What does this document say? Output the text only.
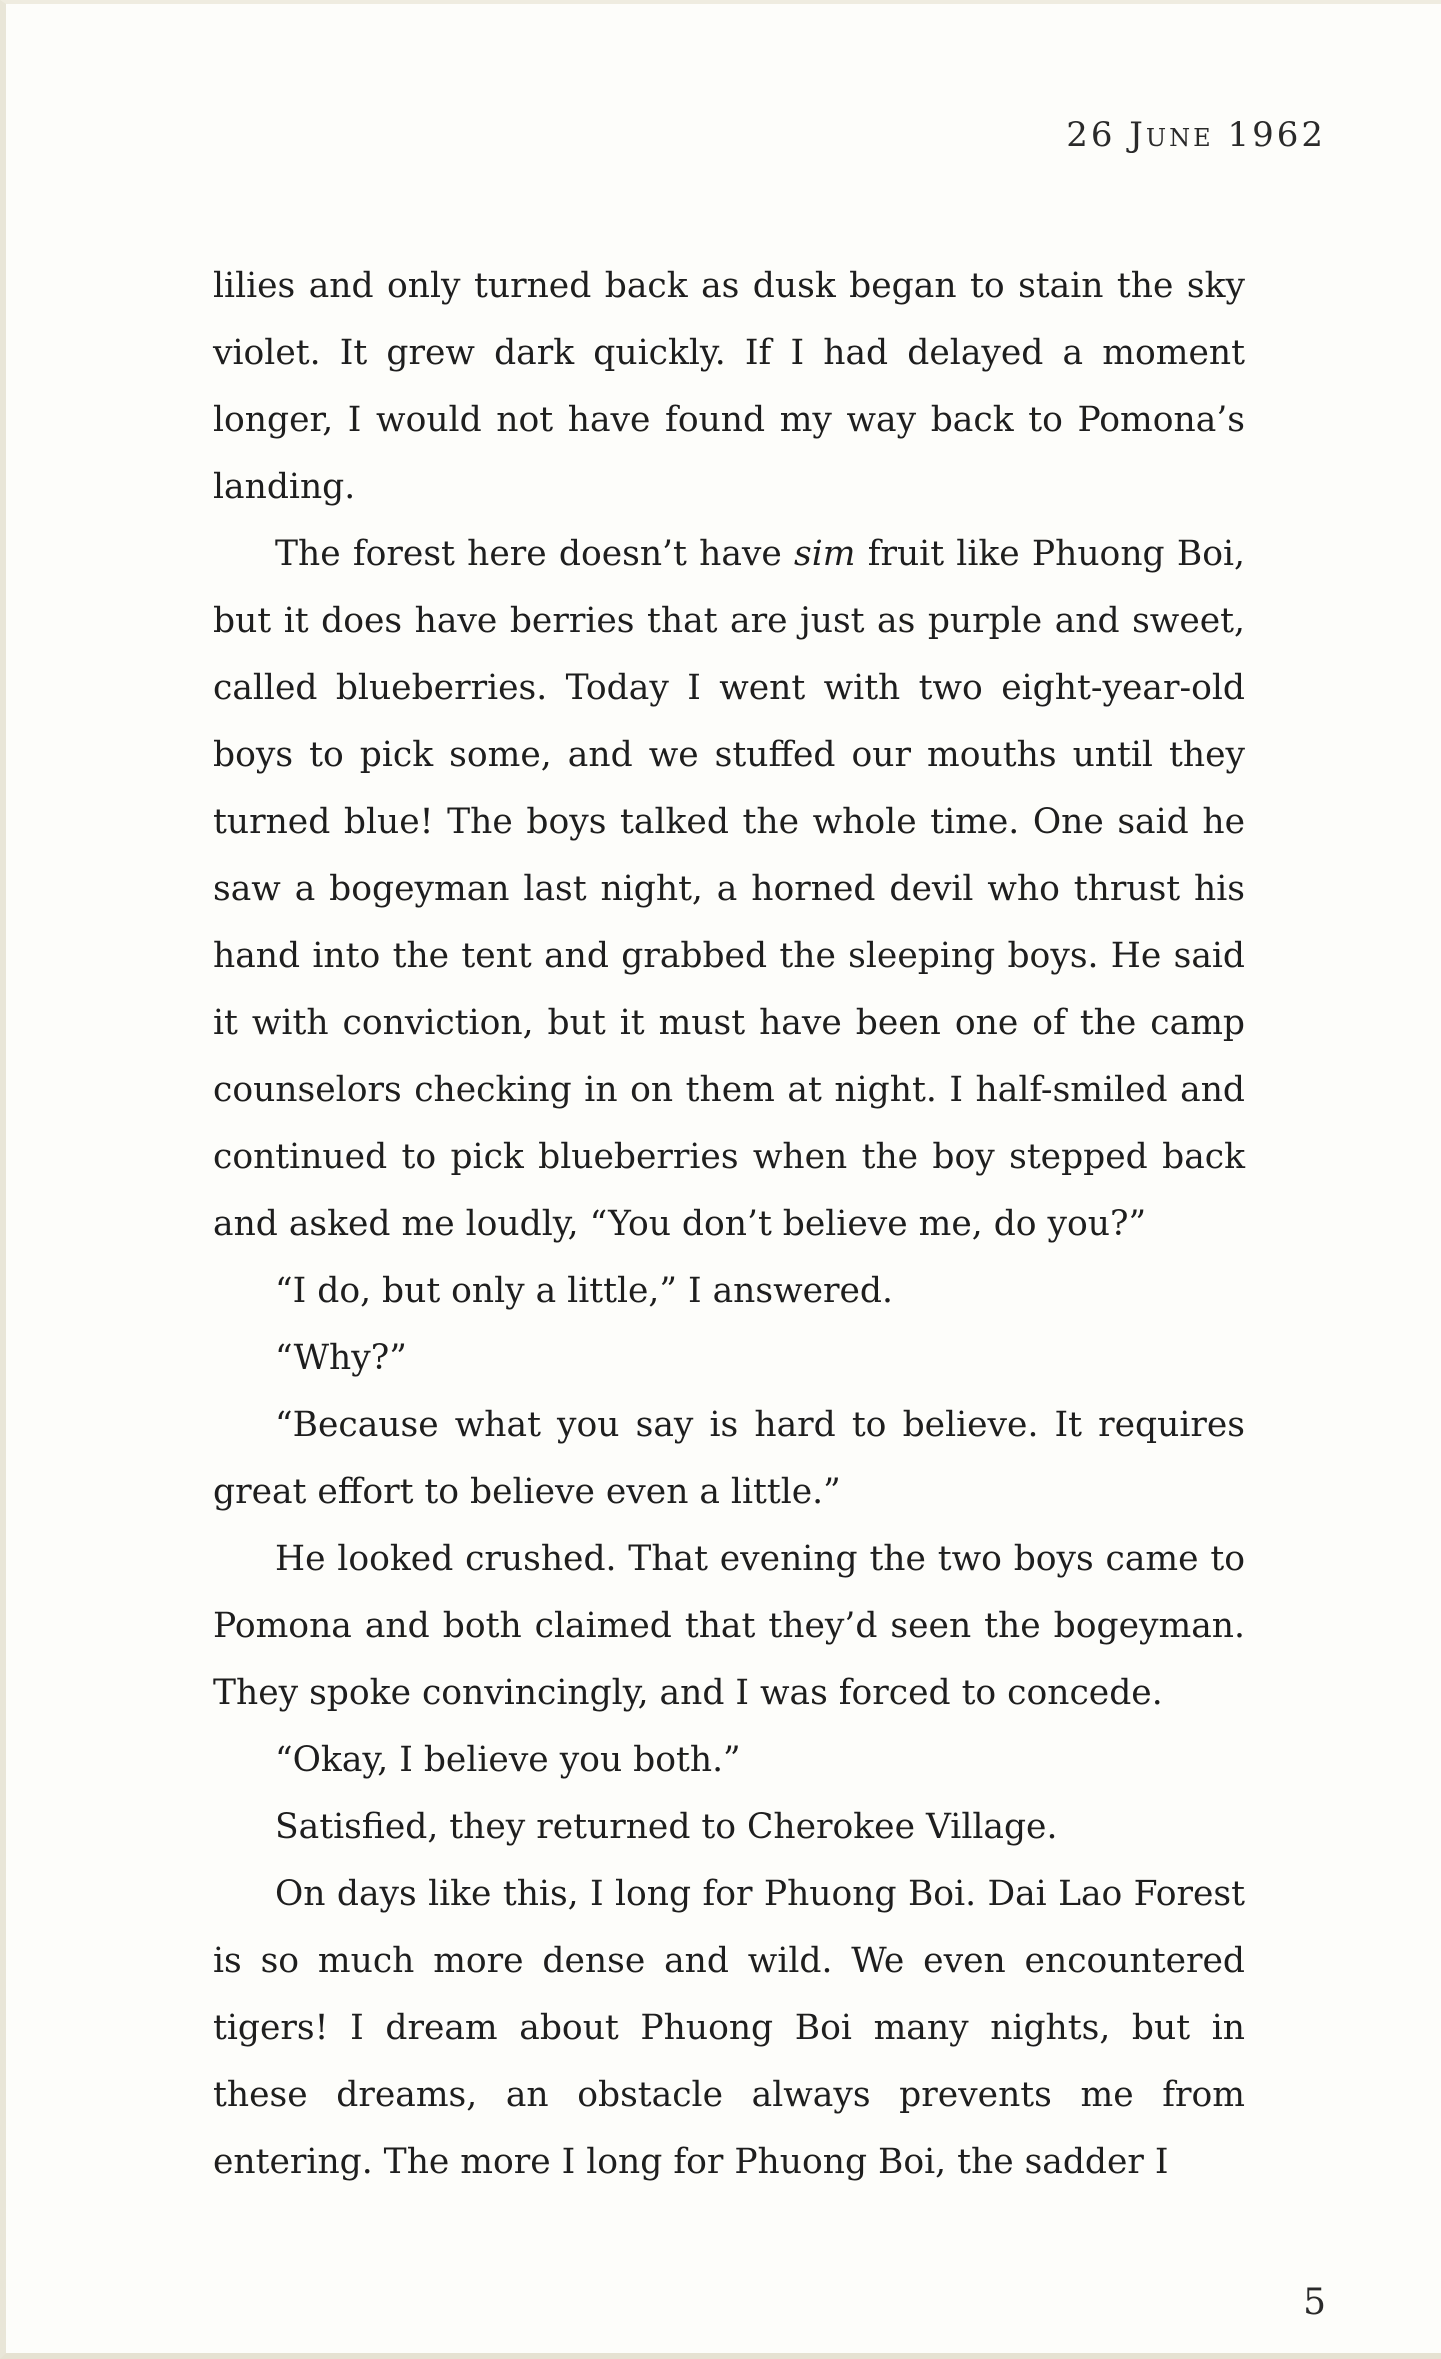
26 June 1962

lilies and only turned back as dusk began to stain the sky violet. It grew dark quickly. If I had delayed a moment longer, I would not have found my way back to Pomona’s landing.

The forest here doesn’t have sim fruit like Phuong Boi, but it does have berries that are just as purple and sweet, called blueberries. Today I went with two eight-year-old boys to pick some, and we stuffed our mouths until they turned blue! The boys talked the whole time. One said he saw a bogeyman last night, a horned devil who thrust his hand into the tent and grabbed the sleeping boys. He said it with conviction, but it must have been one of the camp counselors checking in on them at night. I half-smiled and continued to pick blueberries when the boy stepped back and asked me loudly, “You don’t believe me, do you?”

“I do, but only a little,” I answered.

“Why?”

“Because what you say is hard to believe. It requires great effort to believe even a little.”

He looked crushed. That evening the two boys came to Pomona and both claimed that they’d seen the bogeyman. They spoke convincingly, and I was forced to concede.

“Okay, I believe you both.”

Satisfied, they returned to Cherokee Village.

On days like this, I long for Phuong Boi. Dai Lao Forest is so much more dense and wild. We even encountered tigers! I dream about Phuong Boi many nights, but in these dreams, an obstacle always prevents me from entering. The more I long for Phuong Boi, the sadder I

5
